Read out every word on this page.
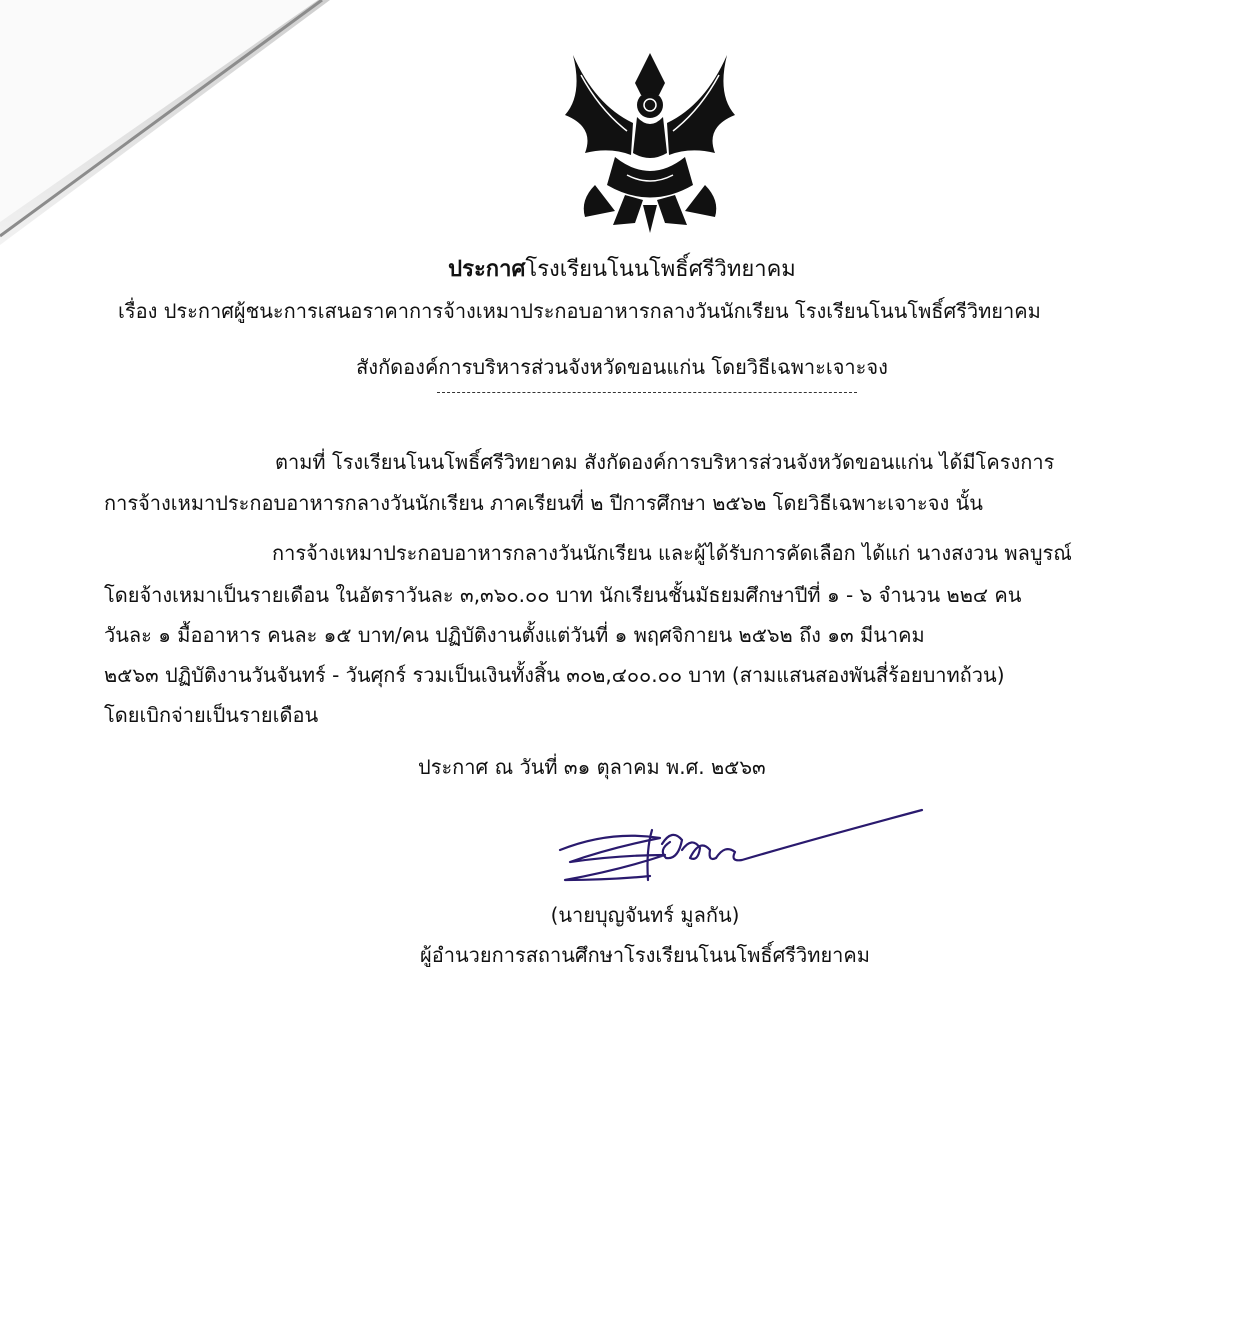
ประกาศโรงเรียนโนนโพธิ์ศรีวิทยาคม
เรื่อง ประกาศผู้ชนะการเสนอราคาการจ้างเหมาประกอบอาหารกลางวันนักเรียน โรงเรียนโนนโพธิ์ศรีวิทยาคม
สังกัดองค์การบริหารส่วนจังหวัดขอนแก่น โดยวิธีเฉพาะเจาะจง
ตามที่ โรงเรียนโนนโพธิ์ศรีวิทยาคม สังกัดองค์การบริหารส่วนจังหวัดขอนแก่น ได้มีโครงการ
การจ้างเหมาประกอบอาหารกลางวันนักเรียน ภาคเรียนที่ ๒ ปีการศึกษา ๒๕๖๒ โดยวิธีเฉพาะเจาะจง นั้น
การจ้างเหมาประกอบอาหารกลางวันนักเรียน และผู้ได้รับการคัดเลือก ได้แก่ นางสงวน พลบูรณ์
โดยจ้างเหมาเป็นรายเดือน ในอัตราวันละ ๓,๓๖๐.๐๐ บาท นักเรียนชั้นมัธยมศึกษาปีที่ ๑ - ๖ จำนวน ๒๒๔ คน
วันละ ๑ มื้ออาหาร คนละ ๑๕ บาท/คน ปฏิบัติงานตั้งแต่วันที่ ๑ พฤศจิกายน ๒๕๖๒ ถึง ๑๓ มีนาคม
๒๕๖๓ ปฏิบัติงานวันจันทร์ - วันศุกร์ รวมเป็นเงินทั้งสิ้น ๓๐๒,๔๐๐.๐๐ บาท (สามแสนสองพันสี่ร้อยบาทถ้วน)
โดยเบิกจ่ายเป็นรายเดือน
ประกาศ ณ วันที่ ๓๑ ตุลาคม พ.ศ. ๒๕๖๓
(นายบุญจันทร์ มูลกัน)
ผู้อำนวยการสถานศึกษาโรงเรียนโนนโพธิ์ศรีวิทยาคม
